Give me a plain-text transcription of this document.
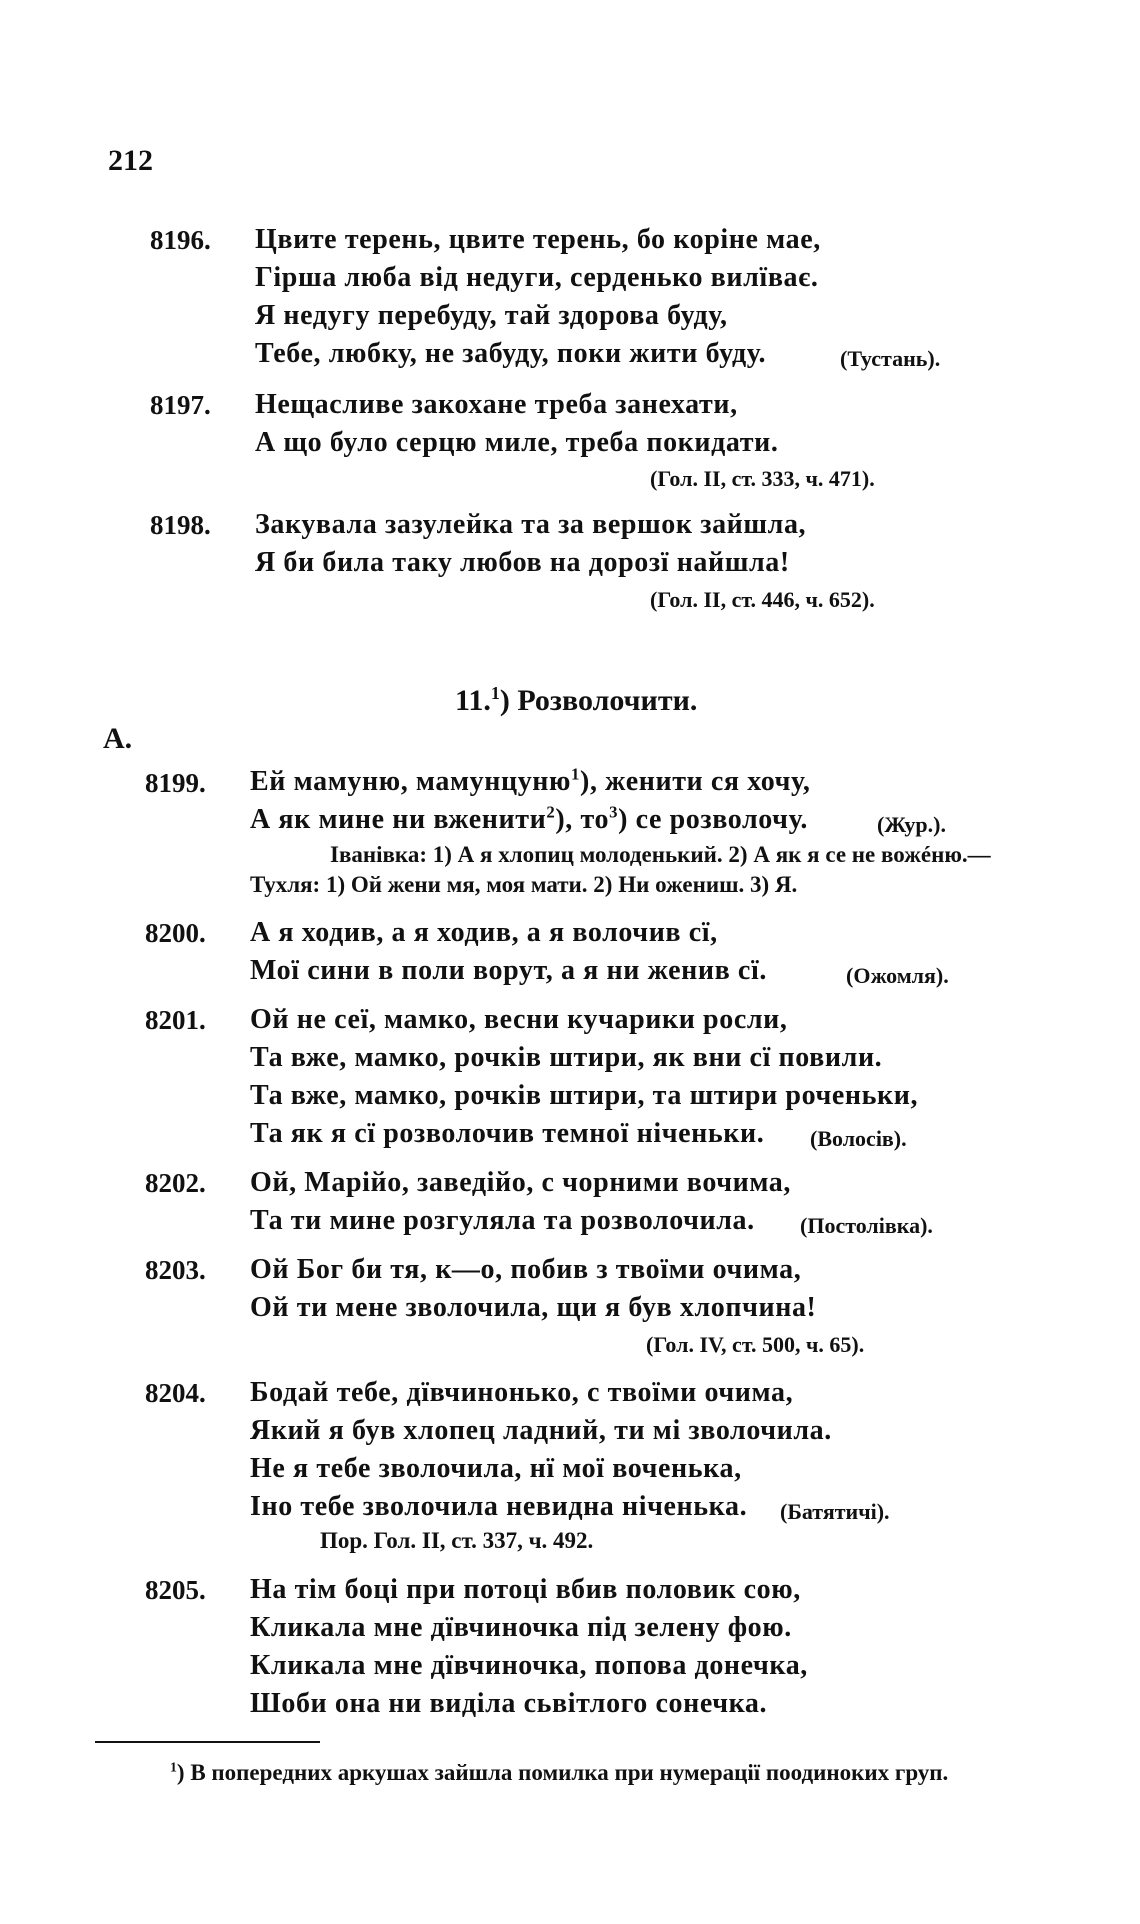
212
8196. Цвите терень, цвите терень, бо коріне мае,
Гірша люба від недуги, серденько вилїває.
Я недугу перебуду, тай здорова буду,
Тебе, любку, не забуду, поки жити буду.	(Тустань).
8197. Нещасливе закохане треба занехати,
А що було серцю миле, треба покидати.
(Гол. II, ст. 333, ч. 471).
8198. Закувала зазулейка та за вершок зайшла,
Я би била таку любов на дорозї найшла!
(Гол. II, ст. 446, ч. 652).
11.$^1$) Розволочити.
A.
8199. Ей мамуню, мамунцуню$^1$), женити ся хочу,
А як мине ни вженити$^2$), $то^3$) се розволочу.	(Жур.).
Іванівка: 1) А я хлопиц молоденький. 2) А як я се не вожéню.—
Тухля: 1) Ой жени мя, моя мати. 2) Ни ожениш. 3) Я.
8200. А я ходив, а я ходив, а я волочив сї,
Мої сини в поли ворут, а я ни женив сї.	(Ожомля).
8201. Ой не сеї, мамко, весни кучарики росли,
Та вже, мамко, рочків штири, як вни сї повили.
Та вже, мамко, рочків штири, та штири роченьки,
Та як я сї розволочив темної ніченьки. (Волосів).
8202. Ой, Марійо, заведійо, с чорними вочима,
Та ти мине розгуляла та розволочила. (Постолівка).
8203. Ой Бог би тя, к—о, побив з твоїми очима,
Ой ти мене зволочила, щи я був хлопчина!
(Гол. IV, ст. 500, ч. 65).
8204. Бодай тебе, дївчинонько, с твоїми очима,
Який я був хлопец ладний, ти мі зволочила.
Не я тебе зволочила, нї мої воченька,
Іно тебе зволочила невидна ніченька. (Батятичі).
Пор. Гол. II, ст. 337, ч. 492.
8205. На тім боці при потоці вбив половик сою,
Кликала мне дївчиночка під зелену фою.
Кликала мне дївчиночка, попова донечка,
Шоби она ни виділа сьвітлого сонечка.
$^1$) В попередних аркушах зайшла помилка при нумерації поодиноких груп.
